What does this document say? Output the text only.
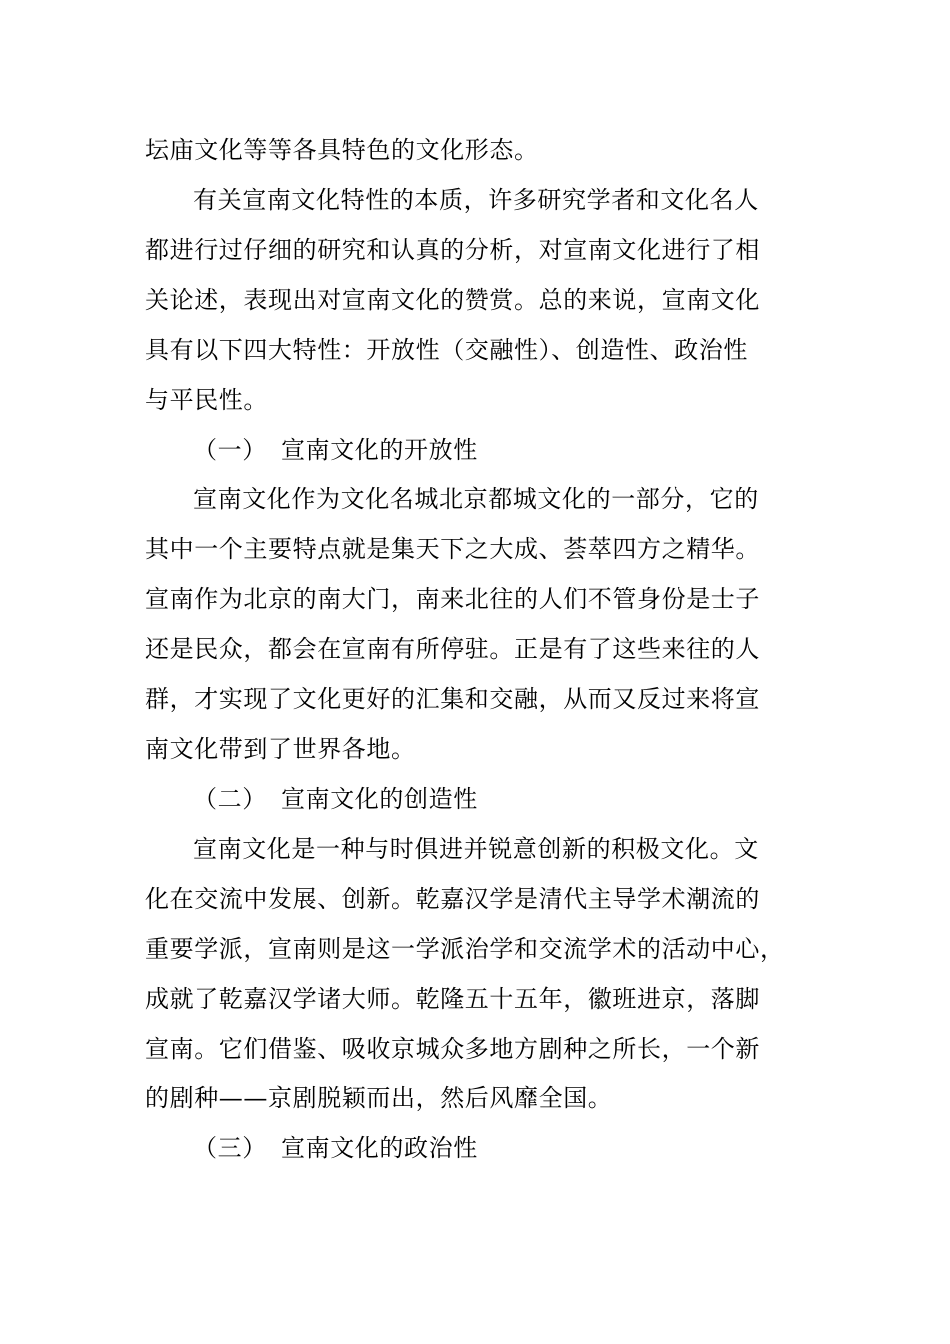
坛庙文化等等各具特色的文化形态。
有关宣南文化特性的本质，许多研究学者和文化名人
都进行过仔细的研究和认真的分析，对宣南文化进行了相
关论述，表现出对宣南文化的赞赏。总的来说，宣南文化
具有以下四大特性：开放性（交融性）、创造性、政治性
与平民性。
（一） 宣南文化的开放性
宣南文化作为文化名城北京都城文化的一部分，它的
其中一个主要特点就是集天下之大成、荟萃四方之精华。
宣南作为北京的南大门，南来北往的人们不管身份是士子
还是民众，都会在宣南有所停驻。正是有了这些来往的人
群，才实现了文化更好的汇集和交融，从而又反过来将宣
南文化带到了世界各地。
（二） 宣南文化的创造性
宣南文化是一种与时俱进并锐意创新的积极文化。文
化在交流中发展、创新。乾嘉汉学是清代主导学术潮流的
重要学派，宣南则是这一学派治学和交流学术的活动中心，
成就了乾嘉汉学诸大师。乾隆五十五年，徽班进京，落脚
宣南。它们借鉴、吸收京城众多地方剧种之所长，一个新
的剧种——京剧脱颖而出，然后风靡全国。
（三） 宣南文化的政治性
